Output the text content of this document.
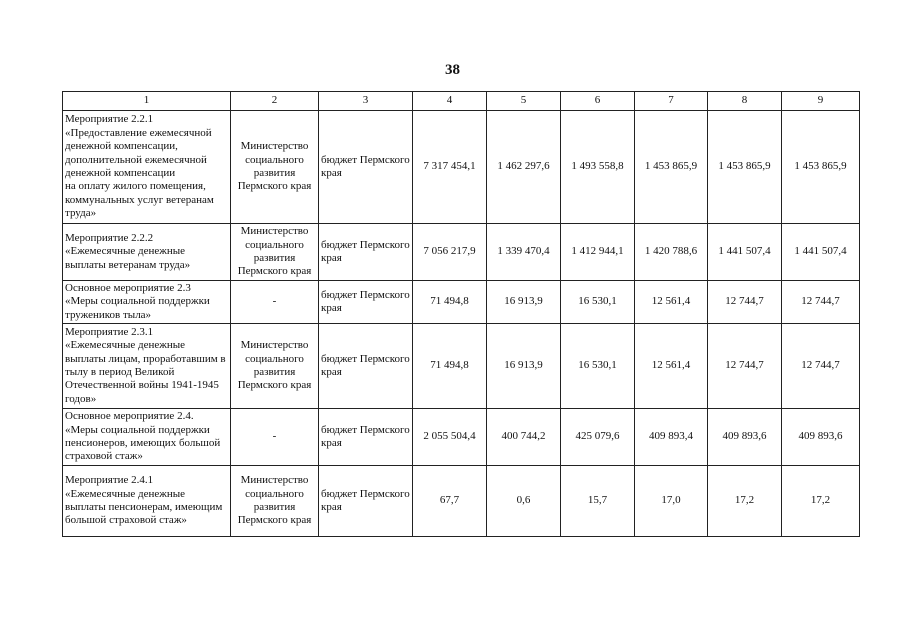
38
1	2	3	4	5	6	7	8	9
Мероприятие 2.2.1
«Предоставление ежемесячной денежной компенсации, дополнительной ежемесячной денежной компенсации
на оплату жилого помещения, коммунальных услуг ветеранам труда»	Министерство социального развития Пермского края	бюджет Пермского края	7 317 454,1	1 462 297,6	1 493 558,8	1 453 865,9	1 453 865,9	1 453 865,9
Мероприятие 2.2.2
«Ежемесячные денежные выплаты ветеранам труда»	Министерство социального развития Пермского края	бюджет Пермского края	7 056 217,9	1 339 470,4	1 412 944,1	1 420 788,6	1 441 507,4	1 441 507,4
Основное мероприятие 2.3
«Меры социальной поддержки тружеников тыла»	-	бюджет Пермского края	71 494,8	16 913,9	16 530,1	12 561,4	12 744,7	12 744,7
Мероприятие 2.3.1
«Ежемесячные денежные выплаты лицам, проработавшим в тылу в период Великой Отечественной войны 1941-1945 годов»	Министерство социального развития Пермского края	бюджет Пермского края	71 494,8	16 913,9	16 530,1	12 561,4	12 744,7	12 744,7
Основное мероприятие 2.4.
«Меры социальной поддержки пенсионеров, имеющих большой страховой стаж»	-	бюджет Пермского края	2 055 504,4	400 744,2	425 079,6	409 893,4	409 893,6	409 893,6
Мероприятие 2.4.1
«Ежемесячные денежные выплаты пенсионерам, имеющим большой страховой стаж»	Министерство социального развития Пермского края	бюджет Пермского края	67,7	0,6	15,7	17,0	17,2	17,2
